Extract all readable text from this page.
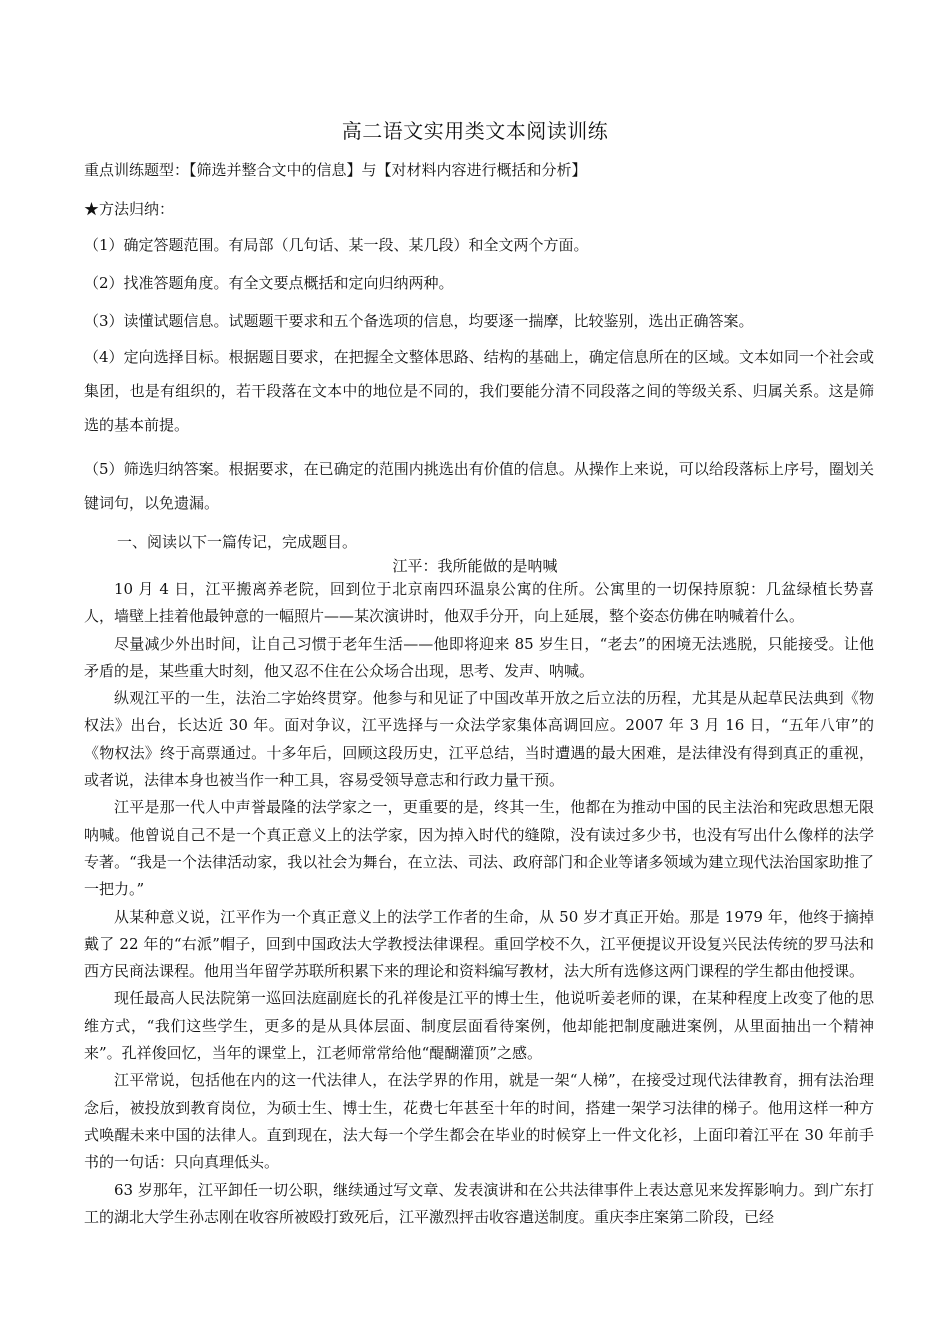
高二语文实用类文本阅读训练
重点训练题型：【筛选并整合文中的信息】与【对材料内容进行概括和分析】
★方法归纳：
（1）确定答题范围。有局部（几句话、某一段、某几段）和全文两个方面。
（2）找准答题角度。有全文要点概括和定向归纳两种。
（3）读懂试题信息。试题题干要求和五个备选项的信息，均要逐一揣摩，比较鉴别，选出正确答案。
（4）定向选择目标。根据题目要求，在把握全文整体思路、结构的基础上，确定信息所在的区域。文本如同一个社会或集团，也是有组织的，若干段落在文本中的地位是不同的，我们要能分清不同段落之间的等级关系、归属关系。这是筛选的基本前提。
（5）筛选归纳答案。根据要求，在已确定的范围内挑选出有价值的信息。从操作上来说，可以给段落标上序号，圈划关键词句，以免遗漏。
一、阅读以下一篇传记，完成题目。
江平：我所能做的是呐喊

10 月 4 日，江平搬离养老院，回到位于北京南四环温泉公寓的住所。公寓里的一切保持原貌：几盆绿植长势喜人，墙壁上挂着他最钟意的一幅照片——某次演讲时，他双手分开，向上延展，整个姿态仿佛在呐喊着什么。

尽量减少外出时间，让自己习惯于老年生活——他即将迎来 85 岁生日，“老去”的困境无法逃脱，只能接受。让他矛盾的是，某些重大时刻，他又忍不住在公众场合出现，思考、发声、呐喊。

纵观江平的一生，法治二字始终贯穿。他参与和见证了中国改革开放之后立法的历程，尤其是从起草民法典到《物权法》出台，长达近 30 年。面对争议，江平选择与一众法学家集体高调回应。2007 年 3 月 16 日，“五年八审”的《物权法》终于高票通过。十多年后，回顾这段历史，江平总结，当时遭遇的最大困难，是法律没有得到真正的重视，或者说，法律本身也被当作一种工具，容易受领导意志和行政力量干预。

江平是那一代人中声誉最隆的法学家之一，更重要的是，终其一生，他都在为推动中国的民主法治和宪政思想无限呐喊。他曾说自己不是一个真正意义上的法学家，因为掉入时代的缝隙，没有读过多少书，也没有写出什么像样的法学专著。“我是一个法律活动家，我以社会为舞台，在立法、司法、政府部门和企业等诸多领域为建立现代法治国家助推了一把力。”

从某种意义说，江平作为一个真正意义上的法学工作者的生命，从 50 岁才真正开始。那是 1979 年，他终于摘掉戴了 22 年的“右派”帽子，回到中国政法大学教授法律课程。重回学校不久，江平便提议开设复兴民法传统的罗马法和西方民商法课程。他用当年留学苏联所积累下来的理论和资料编写教材，法大所有选修这两门课程的学生都由他授课。

现任最高人民法院第一巡回法庭副庭长的孔祥俊是江平的博士生，他说听姜老师的课，在某种程度上改变了他的思维方式，“我们这些学生，更多的是从具体层面、制度层面看待案例，他却能把制度融进案例，从里面抽出一个精神来”。孔祥俊回忆，当年的课堂上，江老师常常给他“醍醐灌顶”之感。

江平常说，包括他在内的这一代法律人，在法学界的作用，就是一架“人梯”，在接受过现代法律教育，拥有法治理念后，被投放到教育岗位，为硕士生、博士生，花费七年甚至十年的时间，搭建一架学习法律的梯子。他用这样一种方式唤醒未来中国的法律人。直到现在，法大每一个学生都会在毕业的时候穿上一件文化衫，上面印着江平在 30 年前手书的一句话：只向真理低头。

63 岁那年，江平卸任一切公职，继续通过写文章、发表演讲和在公共法律事件上表达意见来发挥影响力。到广东打工的湖北大学生孙志刚在收容所被殴打致死后，江平激烈抨击收容遣送制度。重庆李庄案第二阶段，已经
